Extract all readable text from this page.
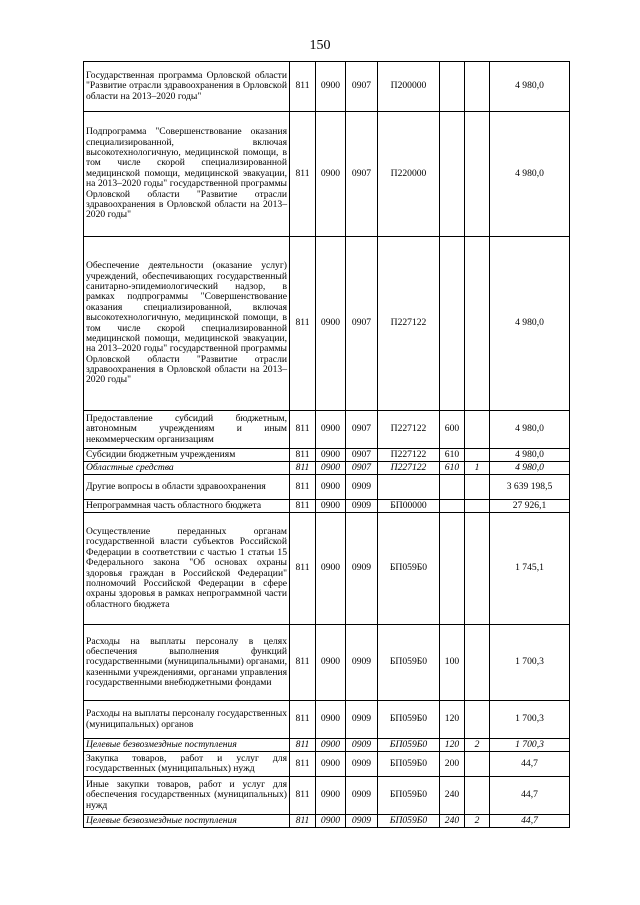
150
Государственная программа Орловской области "Развитие отрасли здравоохранения в Орловской области на 2013–2020 годы"	811	0900	0907	П200000			4 980,0
Подпрограмма "Совершенствование оказания специализированной, включая высокотехнологичную, медицинской помощи, в том числе скорой специализированной медицинской помощи, медицинской эвакуации, на 2013–2020 годы" государственной программы Орловской области "Развитие отрасли здравоохранения в Орловской области на 2013–2020 годы"	811	0900	0907	П220000			4 980,0
Обеспечение деятельности (оказание услуг) учреждений, обеспечивающих государственный санитарно-эпидемиологический надзор, в рамках подпрограммы "Совершенствование оказания специализированной, включая высокотехнологичную, медицинской помощи, в том числе скорой специализированной медицинской помощи, медицинской эвакуации, на 2013–2020 годы" государственной программы Орловской области "Развитие отрасли здравоохранения в Орловской области на 2013–2020 годы"	811	0900	0907	П227122			4 980,0
Предоставление субсидий бюджетным, автономным учреждениям и иным некоммерческим организациям	811	0900	0907	П227122	600		4 980,0
Субсидии бюджетным учреждениям	811	0900	0907	П227122	610		4 980,0
Областные средства	811	0900	0907	П227122	610	1	4 980,0
Другие вопросы в области здравоохранения	811	0900	0909				3 639 198,5
Непрограммная часть областного бюджета	811	0900	0909	БП00000			27 926,1
Осуществление переданных органам государственной власти субъектов Российской Федерации в соответствии с частью 1 статьи 15 Федерального закона "Об основах охраны здоровья граждан в Российской Федерации" полномочий Российской Федерации в сфере охраны здоровья в рамках непрограммной части областного бюджета	811	0900	0909	БП059Б0			1 745,1
Расходы на выплаты персоналу в целях обеспечения выполнения функций государственными (муниципальными) органами, казенными учреждениями, органами управления государственными внебюджетными фондами	811	0900	0909	БП059Б0	100		1 700,3
Расходы на выплаты персоналу государственных (муниципальных) органов	811	0900	0909	БП059Б0	120		1 700,3
Целевые безвозмездные поступления	811	0900	0909	БП059Б0	120	2	1 700,3
Закупка товаров, работ и услуг для государственных (муниципальных) нужд	811	0900	0909	БП059Б0	200		44,7
Иные закупки товаров, работ и услуг для обеспечения государственных (муниципальных) нужд	811	0900	0909	БП059Б0	240		44,7
Целевые безвозмездные поступления	811	0900	0909	БП059Б0	240	2	44,7
